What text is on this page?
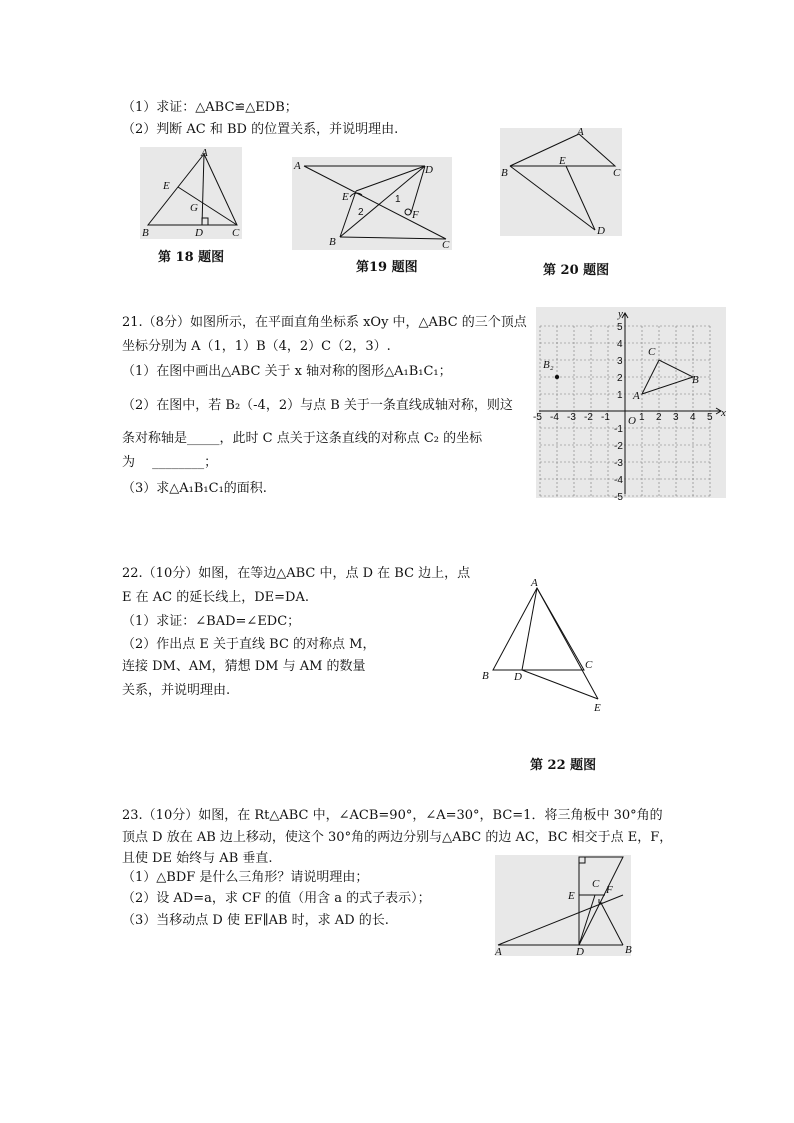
（1）求证：△ABC≌△EDB；
（2）判断 AC 和 BD 的位置关系，并说明理由.
A
B	C
D
E
G
第 18 题图
A
B	C
D
E
F
1
2
第19 题图
A
B	C
D
E
第 20 题图
21.（8分）如图所示，在平面直角坐标系 xOy 中，△ABC 的三个顶点
坐标分别为 A（1，1）B（4，2）C（2，3）.
（1）在图中画出△ABC 关于 x 轴对称的图形△A₁B₁C₁；
（2）在图中，若 B₂（-4，2）与点 B 关于一条直线成轴对称，则这
条对称轴是_____，此时 C 点关于这条直线的对称点 C₂ 的坐标
为　 ________；
（3）求△A₁B₁C₁的面积.
-5 -4 -3 -2 -1	1 2 3 4 5
5
4
3
2
1
-1
-2
-3
-4
-5
x
y
O
A
B
C
B₂
22.（10分）如图，在等边△ABC 中，点 D 在 BC 边上，点
E 在 AC 的延长线上，DE=DA.
（1）求证：∠BAD=∠EDC；
（2）作出点 E 关于直线 BC 的对称点 M，
连接 DM、AM，猜想 DM 与 AM 的数量
关系，并说明理由.
A
B
C
D
E
第 22 题图
23.（10分）如图，在 Rt△ABC 中，∠ACB=90°，∠A=30°，BC=1．将三角板中 30°角的
顶点 D 放在 AB 边上移动，使这个 30°角的两边分别与△ABC 的边 AC，BC 相交于点 E，F，
且使 DE 始终与 AB 垂直.
（1）△BDF 是什么三角形？请说明理由；
（2）设 AD=a，求 CF 的值（用含 a 的式子表示）；
（3）当移动点 D 使 EF∥AB 时，求 AD 的长.
A	B
C
D
E	F
